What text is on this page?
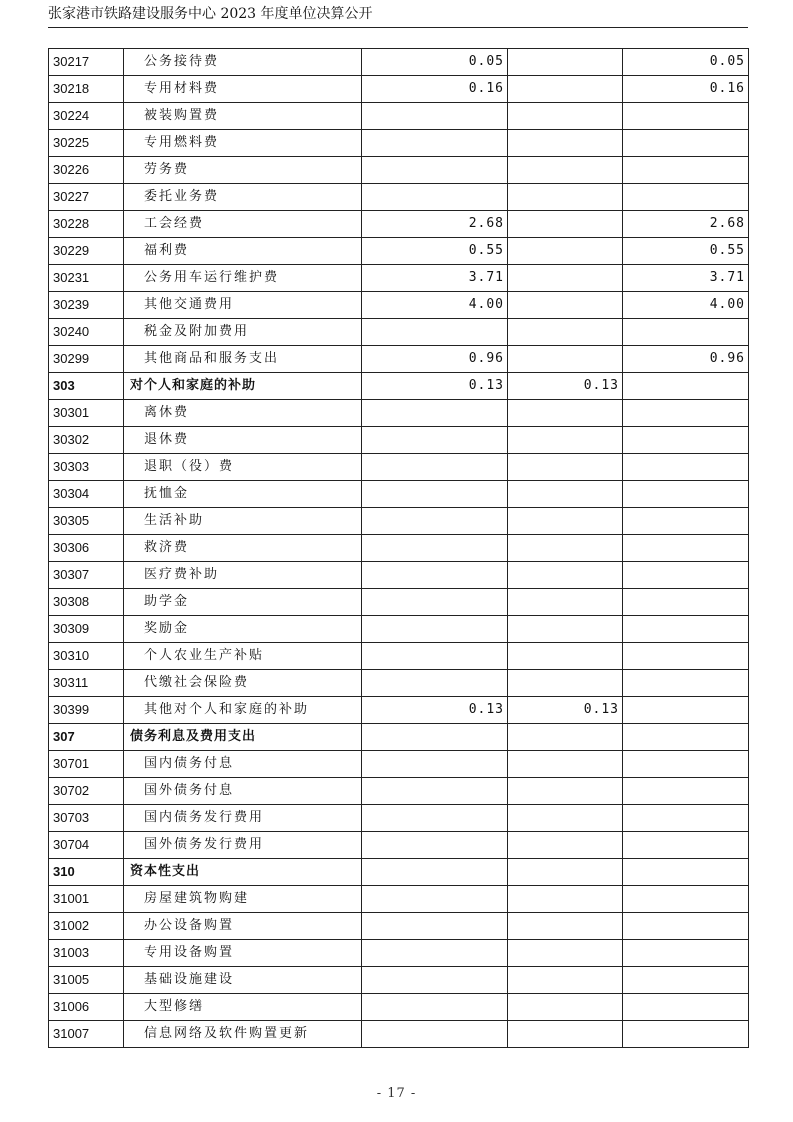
张家港市铁路建设服务中心 2023 年度单位决算公开
30217	公务接待费	0.05		0.05
30218	专用材料费	0.16		0.16
30224	被装购置费			
30225	专用燃料费			
30226	劳务费			
30227	委托业务费			
30228	工会经费	2.68		2.68
30229	福利费	0.55		0.55
30231	公务用车运行维护费	3.71		3.71
30239	其他交通费用	4.00		4.00
30240	税金及附加费用			
30299	其他商品和服务支出	0.96		0.96
303	对个人和家庭的补助	0.13	0.13	
30301	离休费			
30302	退休费			
30303	退职（役）费			
30304	抚恤金			
30305	生活补助			
30306	救济费			
30307	医疗费补助			
30308	助学金			
30309	奖励金			
30310	个人农业生产补贴			
30311	代缴社会保险费			
30399	其他对个人和家庭的补助	0.13	0.13	
307	债务利息及费用支出			
30701	国内债务付息			
30702	国外债务付息			
30703	国内债务发行费用			
30704	国外债务发行费用			
310	资本性支出			
31001	房屋建筑物购建			
31002	办公设备购置			
31003	专用设备购置			
31005	基础设施建设			
31006	大型修缮			
31007	信息网络及软件购置更新			
- 17 -
